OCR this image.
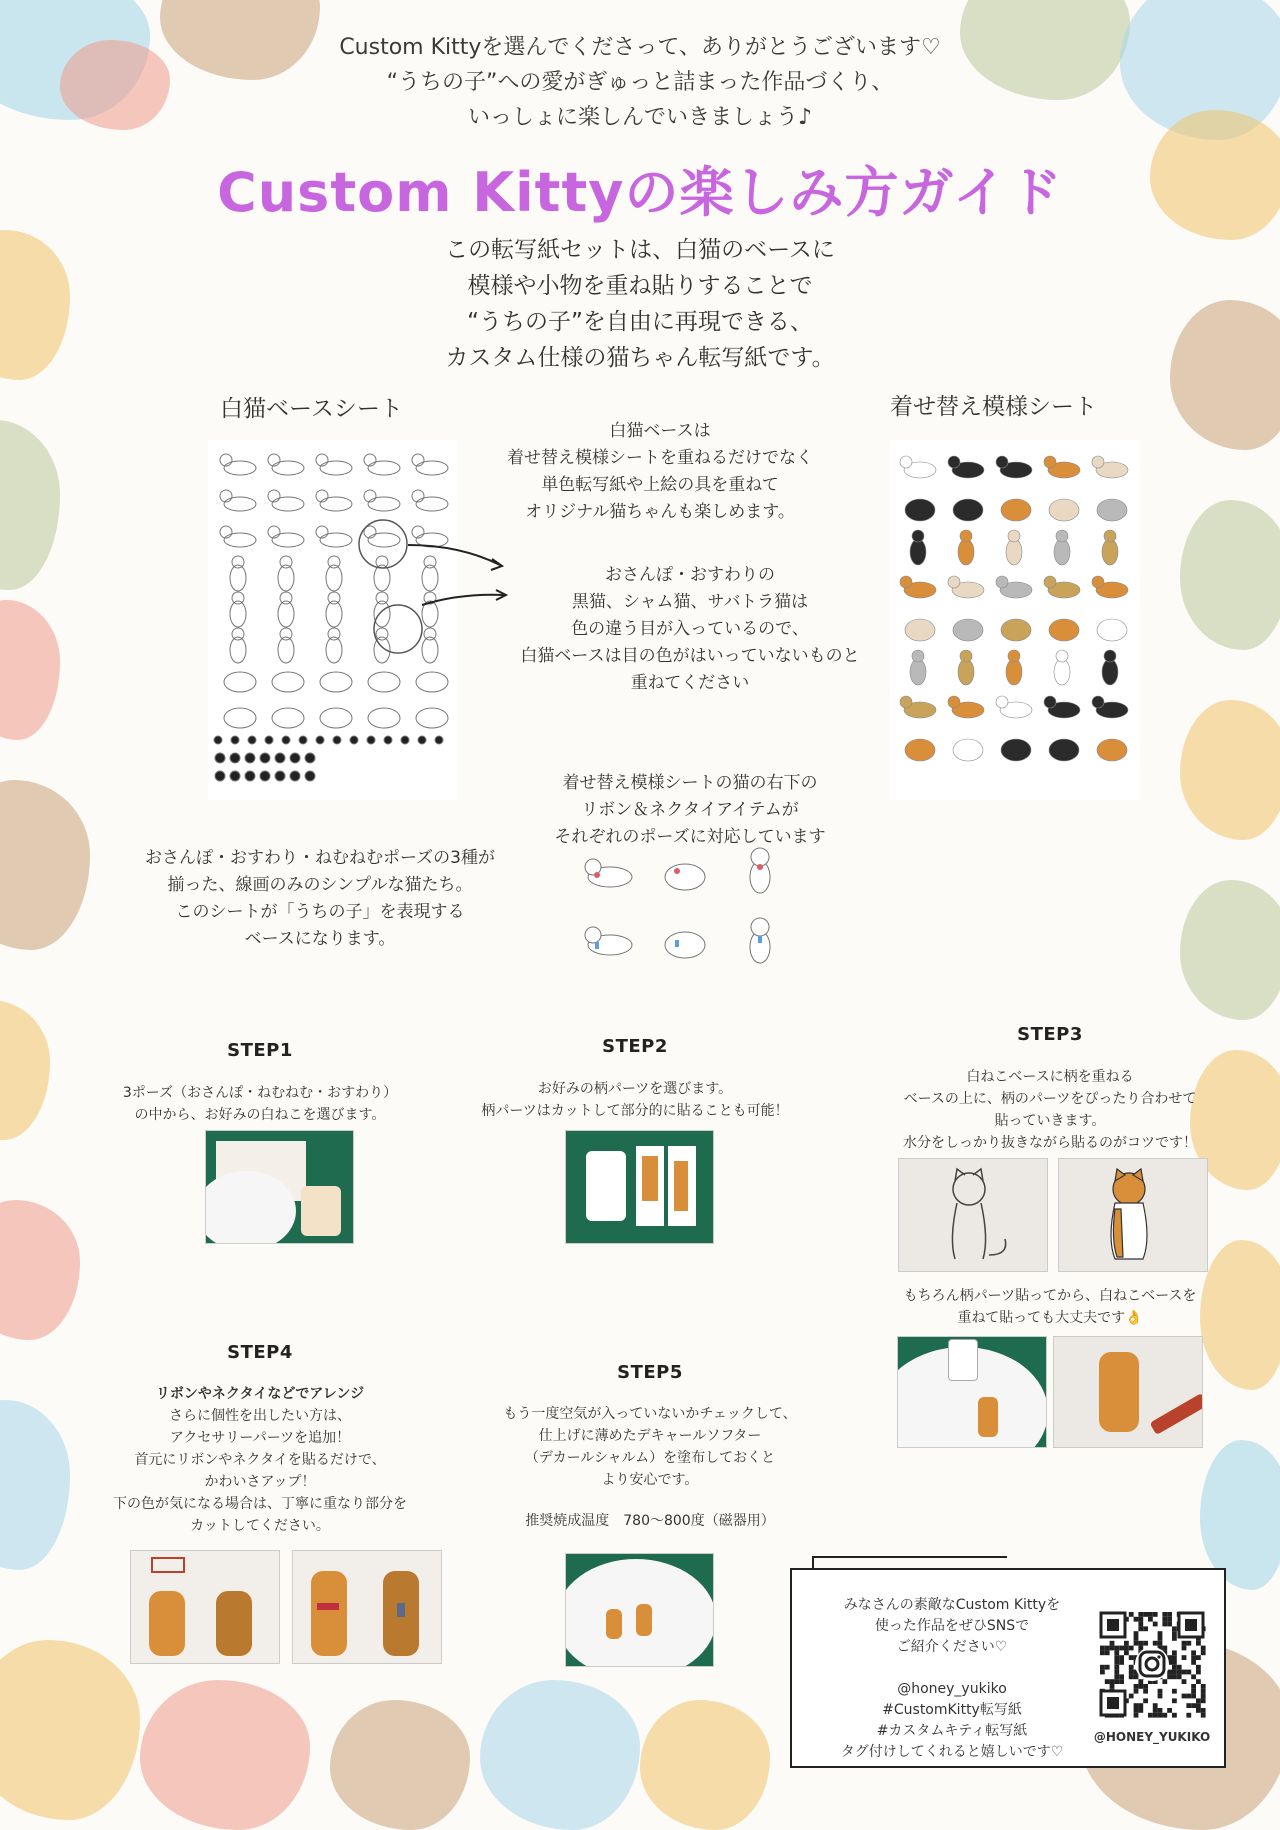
Custom Kittyを選んでくださって、ありがとうございます♡
“うちの子”への愛がぎゅっと詰まった作品づくり、
いっしょに楽しんでいきましょう♪
Custom Kittyの楽しみ方ガイド
この転写紙セットは、白猫のベースに
模様や小物を重ね貼りすることで
“うちの子”を自由に再現できる、
カスタム仕様の猫ちゃん転写紙です。
白猫ベースシート	着せ替え模様シート
白猫ベースは
着せ替え模様シートを重ねるだけでなく
単色転写紙や上絵の具を重ねて
オリジナル猫ちゃんも楽しめます。
おさんぽ・おすわりの
黒猫、シャム猫、サバトラ猫は
色の違う目が入っているので、
白猫ベースは目の色がはいっていないものと
重ねてください
着せ替え模様シートの猫の右下の
リボン＆ネクタイアイテムが
それぞれのポーズに対応しています
おさんぽ・おすわり・ねむねむポーズの3種が
揃った、線画のみのシンプルな猫たち。
このシートが「うちの子」を表現する
ベースになります。
STEP1
3ポーズ（おさんぽ・ねむねむ・おすわり）
の中から、お好みの白ねこを選びます。
STEP2
お好みの柄パーツを選びます。
柄パーツはカットして部分的に貼ることも可能！
STEP3
白ねこベースに柄を重ねる
ベースの上に、柄のパーツをぴったり合わせて
貼っていきます。
水分をしっかり抜きながら貼るのがコツです！
もちろん柄パーツ貼ってから、白ねこベースを
重ねて貼っても大丈夫です👌
STEP4
リボンやネクタイなどでアレンジ
さらに個性を出したい方は、
アクセサリーパーツを追加！
首元にリボンやネクタイを貼るだけで、
かわいさアップ！
下の色が気になる場合は、丁寧に重なり部分を
カットしてください。
STEP5
もう一度空気が入っていないかチェックして、
仕上げに薄めたデキャールソフター
（デカールシャルム）を塗布しておくと
より安心です。
推奨焼成温度　780〜800度（磁器用）
みなさんの素敵なCustom Kittyを
使った作品をぜひSNSで
ご紹介ください♡
@honey_yukiko
#CustomKitty転写紙
#カスタムキティ転写紙
タグ付けしてくれると嬉しいです♡
@HONEY_YUKIKO
